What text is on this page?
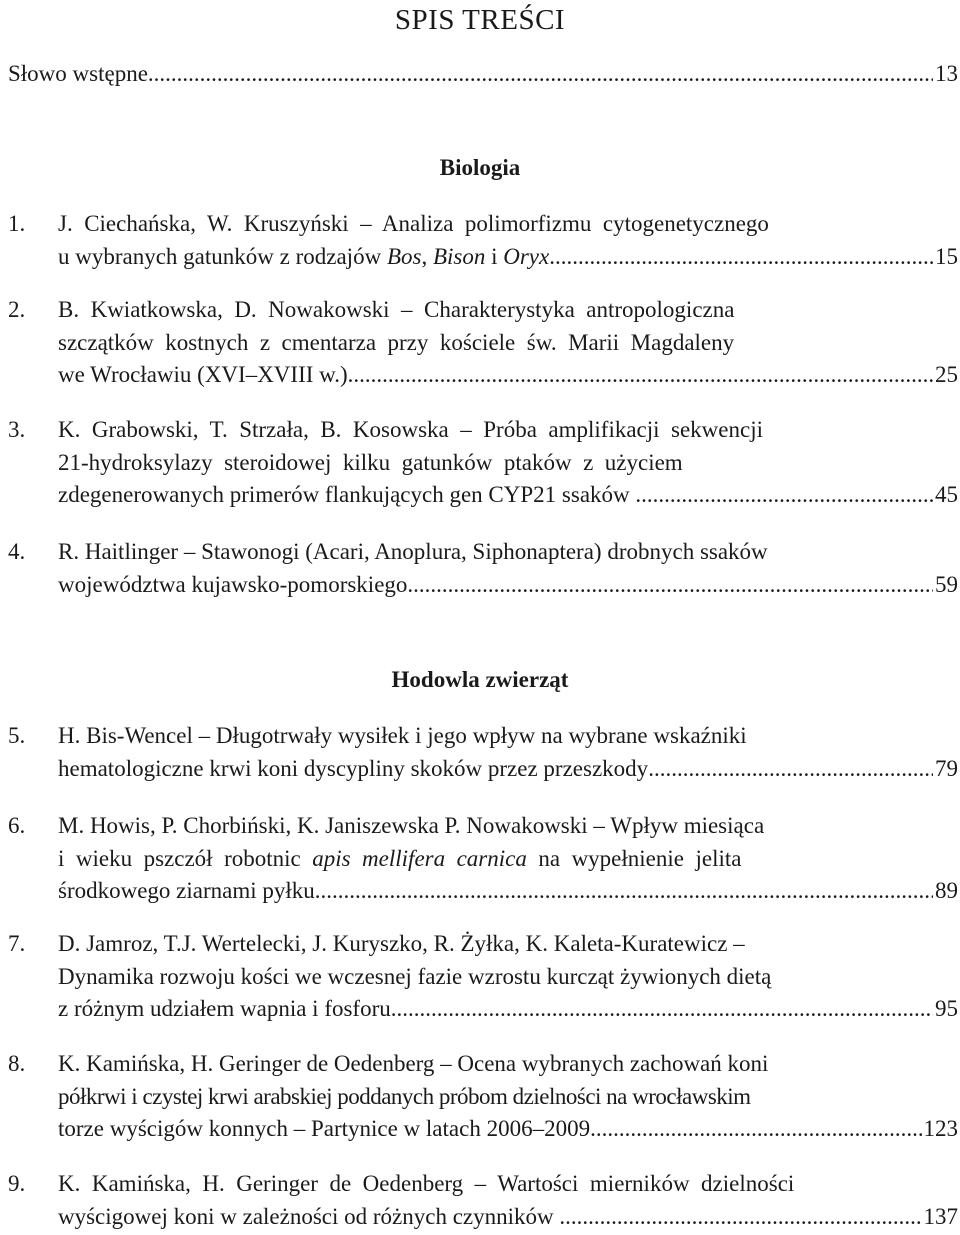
SPIS TREŚCI
Słowo wstępne .....	13
Biologia
1. J.  Ciechańska,  W.  Kruszyński  –  Analiza  polimorfizmu  cytogenetycznego
u wybranych gatunków z rodzajów Bos , Bison i Oryx .....	15
2. B.  Kwiatkowska,  D.  Nowakowski  –  Charakterystyka  antropologiczna
szczątków  kostnych  z  cmentarza  przy  kościele  św.  Marii  Magdaleny
we Wrocławiu (XVI–XVIII w.) .....	25
3. K.  Grabowski,  T.  Strzała,  B.  Kosowska  –  Próba  amplifikacji  sekwencji
21-hydroksylazy  steroidowej  kilku  gatunków  ptaków  z  użyciem
zdegenerowanych primerów flankujących gen CYP21 ssaków .....	45
4. R. Haitlinger – Stawonogi (Acari, Anoplura, Siphonaptera) drobnych ssaków
województwa kujawsko-pomorskiego .....	59
Hodowla zwierząt
5. H. Bis-Wencel – Długotrwały wysiłek i jego wpływ na wybrane wskaźniki
hematologiczne krwi koni dyscypliny skoków przez przeszkody .....	79
6. M. Howis, P. Chorbiński, K. Janiszewska P. Nowakowski – Wpływ miesiąca
i  wieku  pszczół  robotnic apis  mellifera  carnica na  wypełnienie  jelita
środkowego ziarnami pyłku .....	89
7. D. Jamroz, T.J. Wertelecki, J. Kuryszko, R. Żyłka, K. Kaleta-Kuratewicz –
Dynamika rozwoju kości we wczesnej fazie wzrostu kurcząt żywionych dietą
z różnym udziałem wapnia i fosforu .....	95
8. K. Kamińska, H. Geringer de Oedenberg – Ocena wybranych zachowań koni
półkrwi i czystej krwi arabskiej poddanych próbom dzielności na wrocławskim
torze wyścigów konnych – Partynice w latach 2006–2009 .....	123
9. K.  Kamińska,  H.  Geringer  de  Oedenberg  –  Wartości  mierników  dzielności
wyścigowej koni w zależności od różnych czynników .....	137
